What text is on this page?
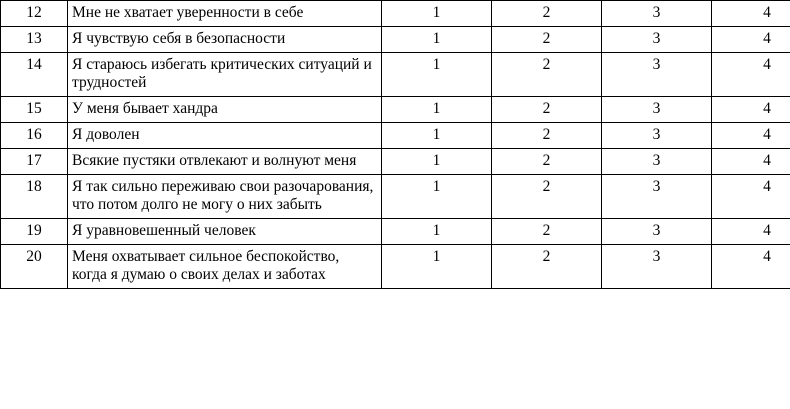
12	Мне не хватает уверенности в себе	1	2	3	4
13	Я чувствую себя в безопасности	1	2	3	4
14	Я стараюсь избегать критических ситуаций и трудностей	1	2	3	4
15	У меня бывает хандра	1	2	3	4
16	Я доволен	1	2	3	4
17	Всякие пустяки отвлекают и волнуют меня	1	2	3	4
18	Я так сильно переживаю свои разочарования, что потом долго не могу о них забыть	1	2	3	4
19	Я уравновешенный человек	1	2	3	4
20	Меня охватывает сильное беспокойство, когда я думаю о своих делах и заботах	1	2	3	4
